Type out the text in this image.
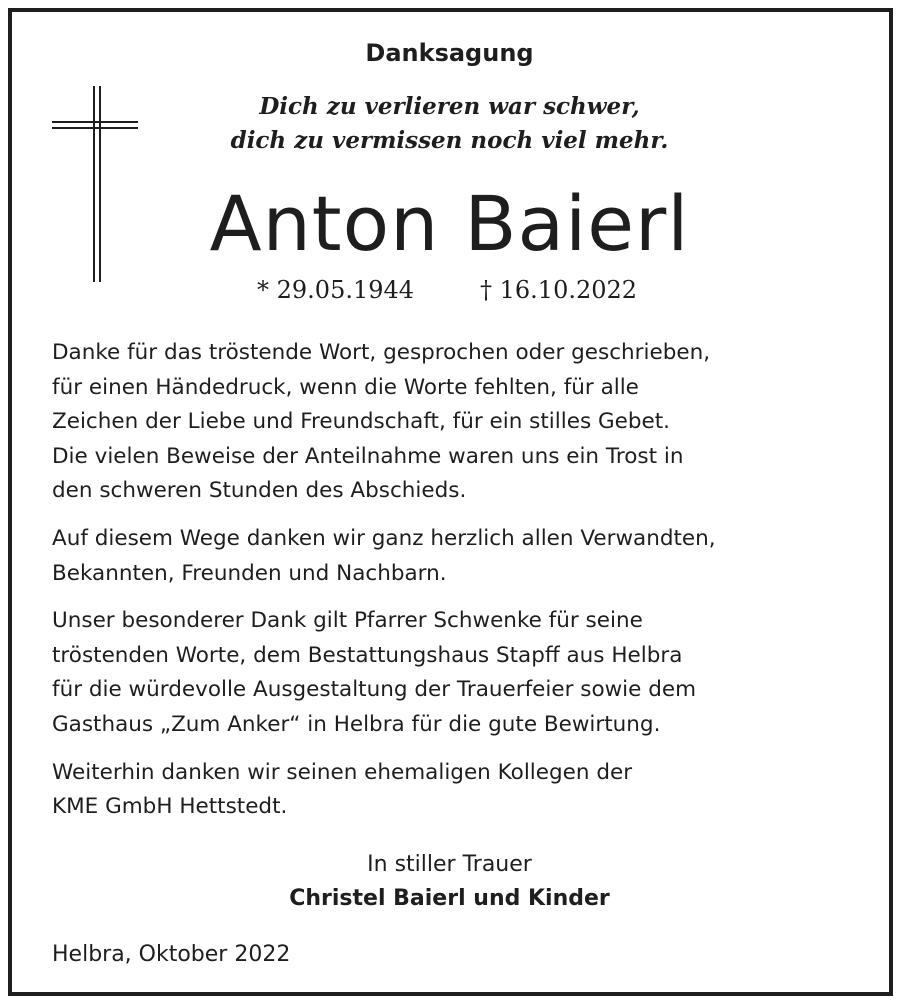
Danksagung
Dich zu verlieren war schwer,
dich zu vermissen noch viel mehr.
Anton Baierl
* 29.05.1944	† 16.10.2022

Danke für das tröstende Wort, gesprochen oder geschrieben,
für einen Händedruck, wenn die Worte fehlten, für alle
Zeichen der Liebe und Freundschaft, für ein stilles Gebet.
Die vielen Beweise der Anteilnahme waren uns ein Trost in
den schweren Stunden des Abschieds.

Auf diesem Wege danken wir ganz herzlich allen Verwandten,
Bekannten, Freunden und Nachbarn.

Unser besonderer Dank gilt Pfarrer Schwenke für seine
tröstenden Worte, dem Bestattungshaus Stapff aus Helbra
für die würdevolle Ausgestaltung der Trauerfeier sowie dem
Gasthaus „Zum Anker“ in Helbra für die gute Bewirtung.

Weiterhin danken wir seinen ehemaligen Kollegen der
KME GmbH Hettstedt.

In stiller Trauer
Christel Baierl und Kinder
Helbra, Oktober 2022
